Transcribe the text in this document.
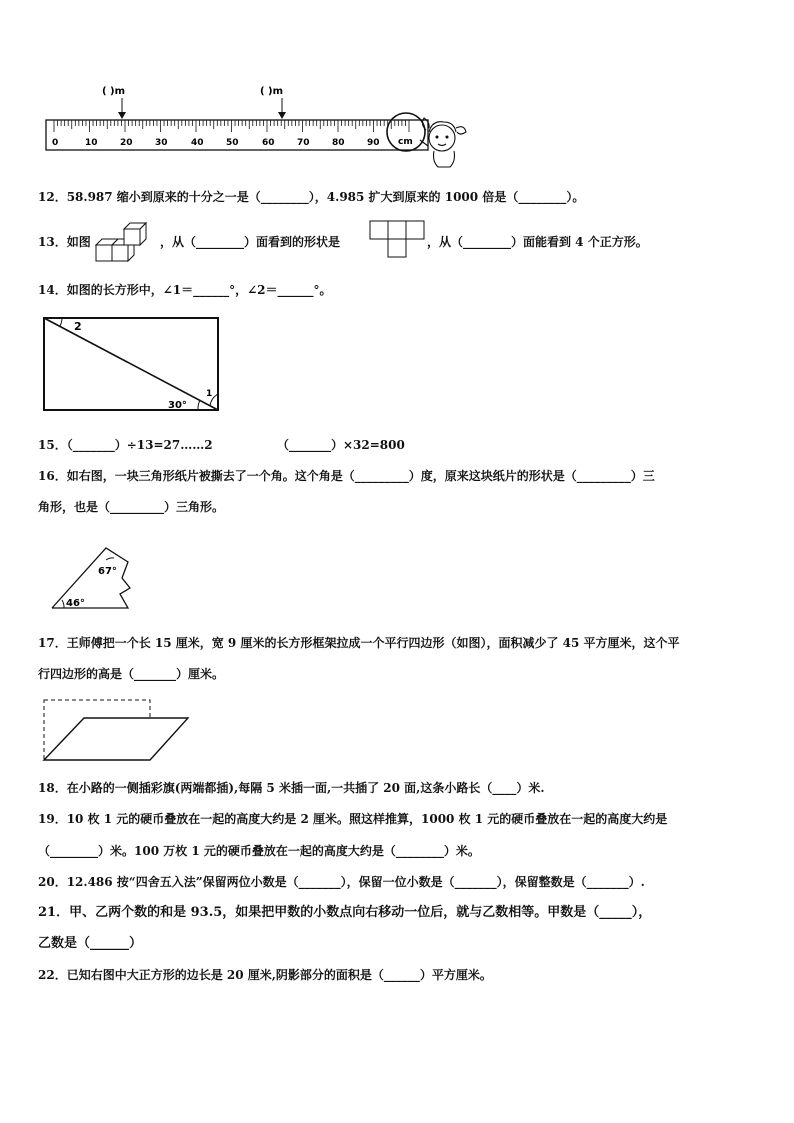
( )m	( )m
0	10 20 30	40 50	60 70 80 90 cm
12．58.987 缩小到原来的十分之一是（________），4.985 扩大到原来的 1000 倍是（________）。
13．如图	，从（________）面看到的形状是	，从（________）面能看到 4 个正方形。
14．如图的长方形中，∠1＝______°，∠2＝______°。
2
30°
1
15．（_______）÷13=27……2	（_______）×32=800
16．如右图，一块三角形纸片被撕去了一个角。这个角是（_________）度，原来这块纸片的形状是（_________）三
角形，也是（_________）三角形。
67°
46°
17．王师傅把一个长 15 厘米，宽 9 厘米的长方形框架拉成一个平行四边形（如图），面积减少了 45 平方厘米，这个平
行四边形的高是（_______）厘米。
18．在小路的一侧插彩旗(两端都插),每隔 5 米插一面,一共插了 20 面,这条小路长（____）米.
19．10 枚 1 元的硬币叠放在一起的高度大约是 2 厘米。照这样推算，1000 枚 1 元的硬币叠放在一起的高度大约是
（________）米。100 万枚 1 元的硬币叠放在一起的高度大约是（________）米。
20．12.486 按“四舍五入法”保留两位小数是（_______），保留一位小数是（_______），保留整数是（_______）.
21．甲、乙两个数的和是 93.5，如果把甲数的小数点向右移动一位后，就与乙数相等。甲数是（_____），
乙数是（______）
22．已知右图中大正方形的边长是 20 厘米,阴影部分的面积是（______）平方厘米。
